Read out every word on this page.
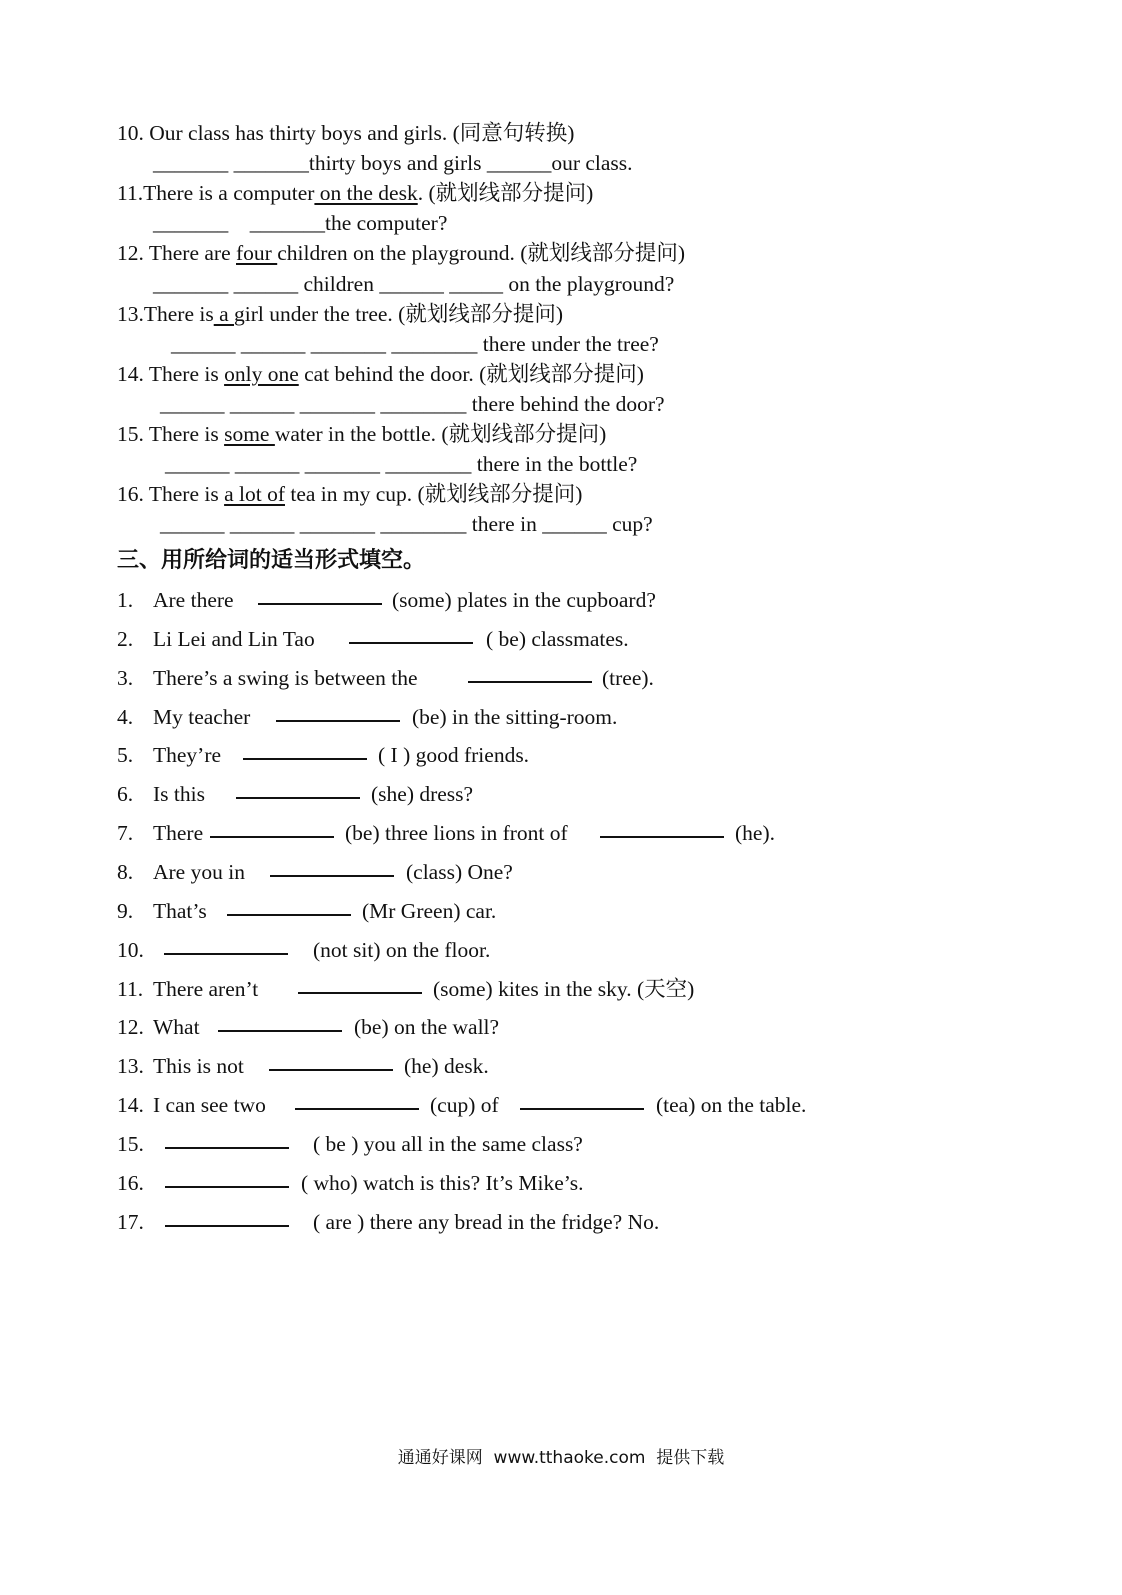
10. Our class has thirty boys and girls. (同意句转换)
_______ _______thirty boys and girls ______our class.
11.There is a computer on the desk. (就划线部分提问)
_______    _______the computer?
12. There are four children on the playground. (就划线部分提问)
_______ ______ children ______ _____ on the playground?
13.There is a girl under the tree. (就划线部分提问)
______ ______ _______ ________ there under the tree?
14. There is only one cat behind the door. (就划线部分提问)
______ ______ _______ ________ there behind the door?
15. There is some water in the bottle. (就划线部分提问)
______ ______ _______ ________ there in the bottle?
16. There is a lot of tea in my cup. (就划线部分提问)
______ ______ _______ ________ there in ______ cup?
三、用所给词的适当形式填空。
1. Are there	(some) plates in the cupboard?
2. Li Lei and Lin Tao	( be) classmates.
3. There’s a swing is between the	(tree).
4. My teacher	(be) in the sitting-room.
5. They’re	( I ) good friends.
6. Is this	(she) dress?
7. There	(be) three lions in front of	(he).
8. Are you in	(class) One?
9. That’s	(Mr Green) car.
10.	(not sit) on the floor.
11. There aren’t	(some) kites in the sky. (天空)
12. What	(be) on the wall?
13. This is not	(he) desk.
14. I can see two	(cup) of	(tea) on the table.
15.	( be ) you all in the same class?
16.	( who) watch is this? It’s Mike’s.
17.	( are ) there any bread in the fridge? No.
通通好课网  www.tthaoke.com  提供下载
